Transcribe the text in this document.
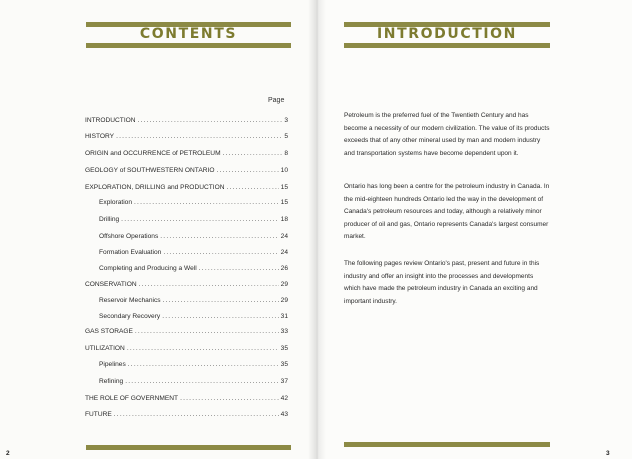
CONTENTS
Page
INTRODUCTION .....	3
HISTORY .....	5
ORIGIN and OCCURRENCE of PETROLEUM .....	8
GEOLOGY of SOUTHWESTERN ONTARIO .....	10
EXPLORATION, DRILLING and PRODUCTION .....	15
Exploration .....	15
Drilling .....	18
Offshore Operations .....	24
Formation Evaluation .....	24
Completing and Producing a Well .....	26
CONSERVATION .....	29
Reservoir Mechanics .....	29
Secondary Recovery .....	31
GAS STORAGE .....	33
UTILIZATION .....	35
Pipelines .....	35
Refining .....	37
THE ROLE OF GOVERNMENT .....	42
FUTURE .....	43
2
INTRODUCTION
Petroleum is the preferred fuel of the Twentieth Century and has become a necessity of our modern civilization. The value of its products exceeds that of any other mineral used by man and modern industry and transportation systems have become dependent upon it.
Ontario has long been a centre for the petroleum industry in Canada. In the mid-eighteen hundreds Ontario led the way in the development of Canada's petroleum resources and today, although a relatively minor producer of oil and gas, Ontario represents Canada's largest consumer market.
The following pages review Ontario's past, present and future in this industry and offer an insight into the processes and developments which have made the petroleum industry in Canada an exciting and important industry.
3
